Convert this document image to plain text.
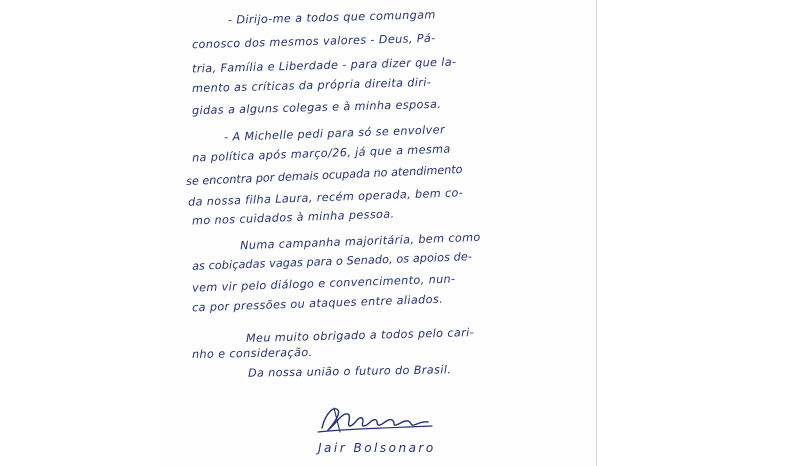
- Dirijo-me a todos que comungam
conosco dos mesmos valores - Deus, Pá-
tria, Família e Liberdade - para dizer que la-
mento as críticas da própria direita diri-
gidas a alguns colegas e à minha esposa.
- A Michelle pedi para só se envolver
na política após março/26, já que a mesma
se encontra por demais ocupada no atendimento
da nossa filha Laura, recém operada, bem co-
mo nos cuidados à minha pessoa.
Numa campanha majoritária, bem como
as cobiçadas vagas para o Senado, os apoios de-
vem vir pelo diálogo e convencimento, nun-
ca por pressões ou ataques entre aliados.
Meu muito obrigado a todos pelo cari-
nho e consideração.
Da nossa união o futuro do Brasil.
Jair Bolsonaro
